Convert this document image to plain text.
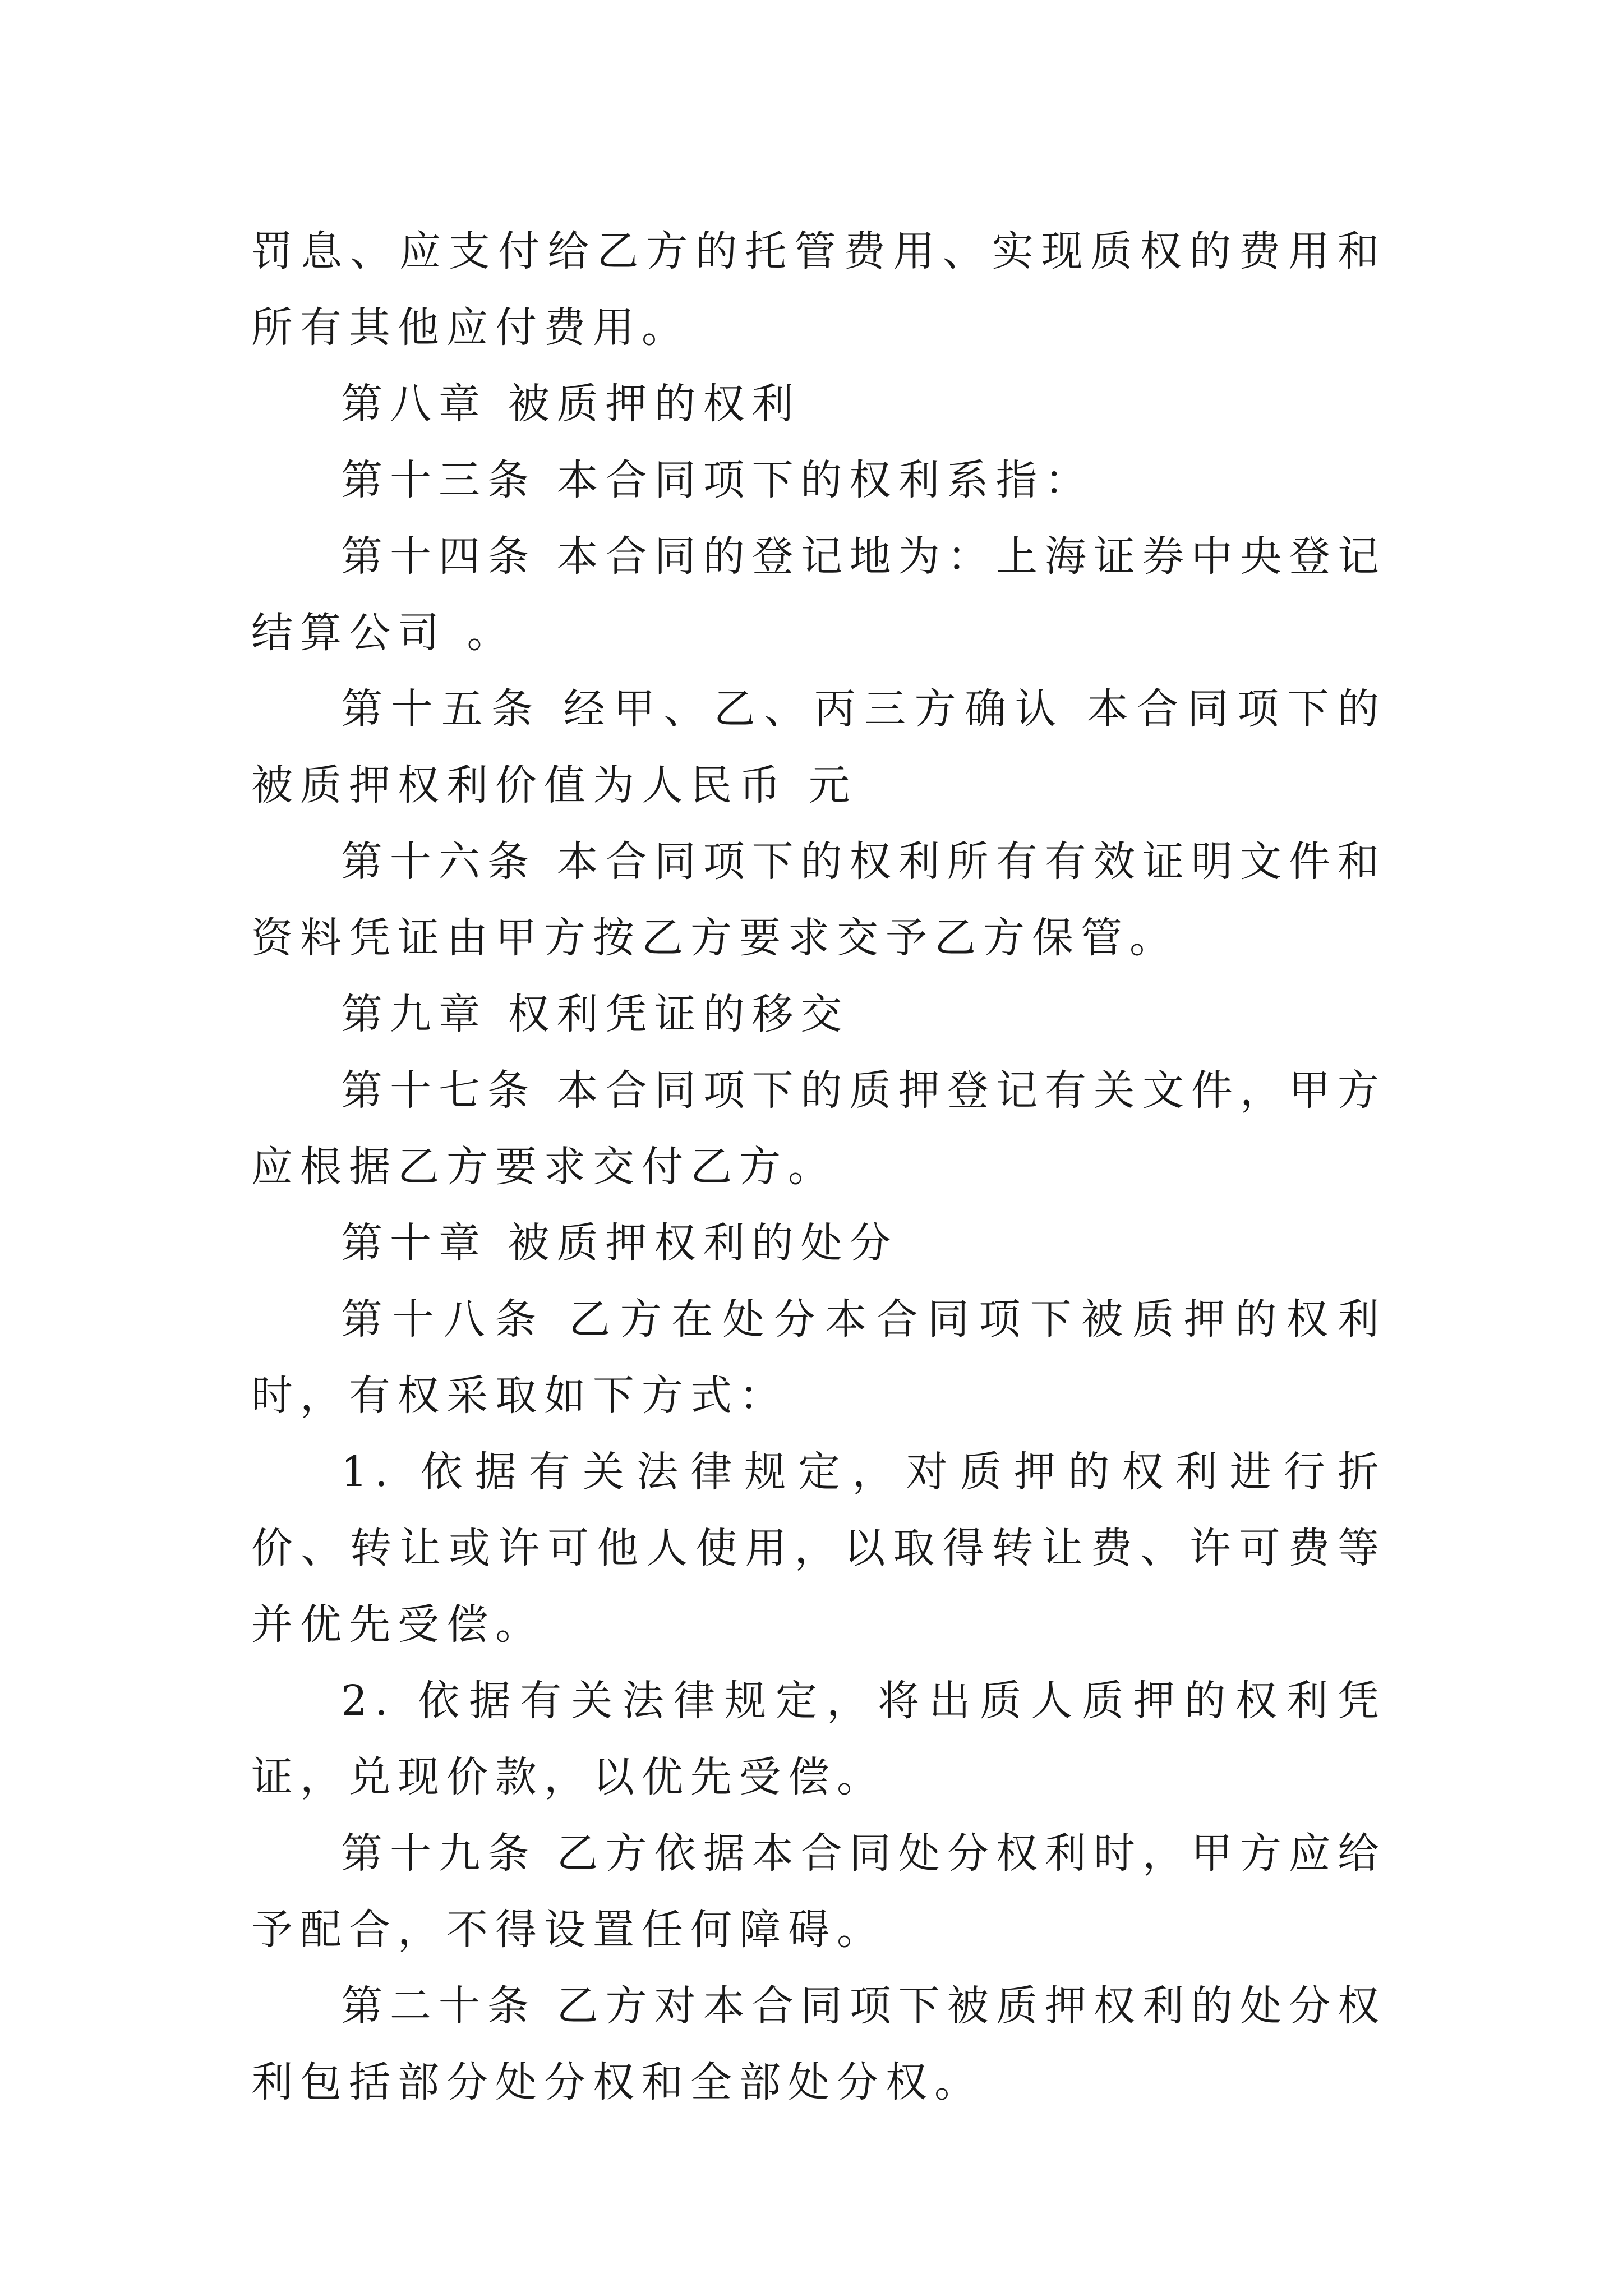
罚息、应支付给乙方的托管费用、实现质权的费用和所有其他应付费用。

第八章 被质押的权利

第十三条 本合同项下的权利系指：

第十四条 本合同的登记地为：上海证券中央登记结算公司 。

第十五条 经甲、乙、丙三方确认 本合同项下的被质押权利价值为人民币 元

第十六条 本合同项下的权利所有有效证明文件和资料凭证由甲方按乙方要求交予乙方保管。

第九章 权利凭证的移交

第十七条 本合同项下的质押登记有关文件，甲方应根据乙方要求交付乙方。

第十章 被质押权利的处分

第十八条 乙方在处分本合同项下被质押的权利时，有权采取如下方式：

1. 依据有关法律规定，对质押的权利进行折价、转让或许可他人使用，以取得转让费、许可费等并优先受偿。

2. 依据有关法律规定，将出质人质押的权利凭证，兑现价款，以优先受偿。

第十九条 乙方依据本合同处分权利时，甲方应给予配合，不得设置任何障碍。

第二十条 乙方对本合同项下被质押权利的处分权利包括部分处分权和全部处分权。
